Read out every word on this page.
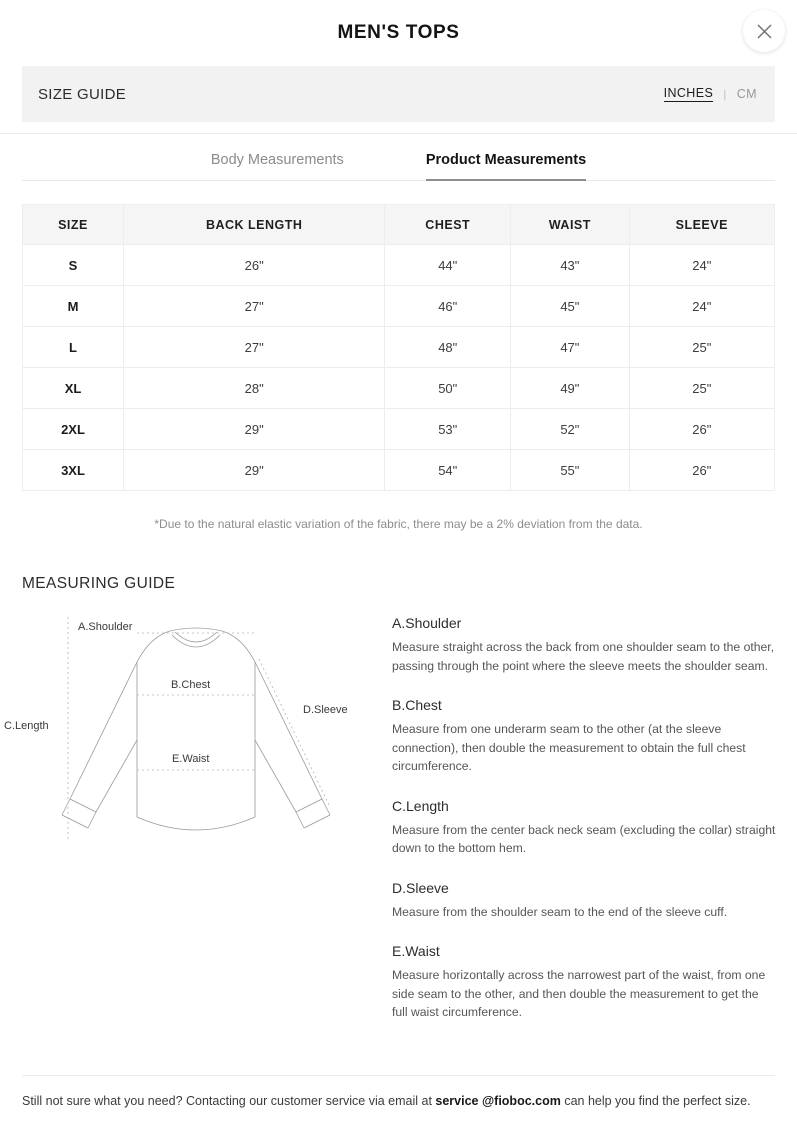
MEN'S TOPS
SIZE GUIDE	INCHES | CM
Body Measurements	Product Measurements
SIZE	BACK LENGTH	CHEST	WAIST	SLEEVE
S	26"	44"	43"	24"
M	27"	46"	45"	24"
L	27"	48"	47"	25"
XL	28"	50"	49"	25"
2XL	29"	53"	52"	26"
3XL	29"	54"	55"	26"
*Due to the natural elastic variation of the fabric, there may be a 2% deviation from the data.
MEASURING GUIDE
A.Shoulder
B.Chest
C.Length
D.Sleeve
E.Waist
A.Shoulder
Measure straight across the back from one shoulder seam to the other, passing through the point where the sleeve meets the shoulder seam.
B.Chest
Measure from one underarm seam to the other (at the sleeve connection), then double the measurement to obtain the full chest circumference.
C.Length
Measure from the center back neck seam (excluding the collar) straight down to the bottom hem.
D.Sleeve
Measure from the shoulder seam to the end of the sleeve cuff.
E.Waist
Measure horizontally across the narrowest part of the waist, from one side seam to the other, and then double the measurement to get the full waist circumference.
Still not sure what you need? Contacting our customer service via email at service @fioboc.com can help you find the perfect size.
